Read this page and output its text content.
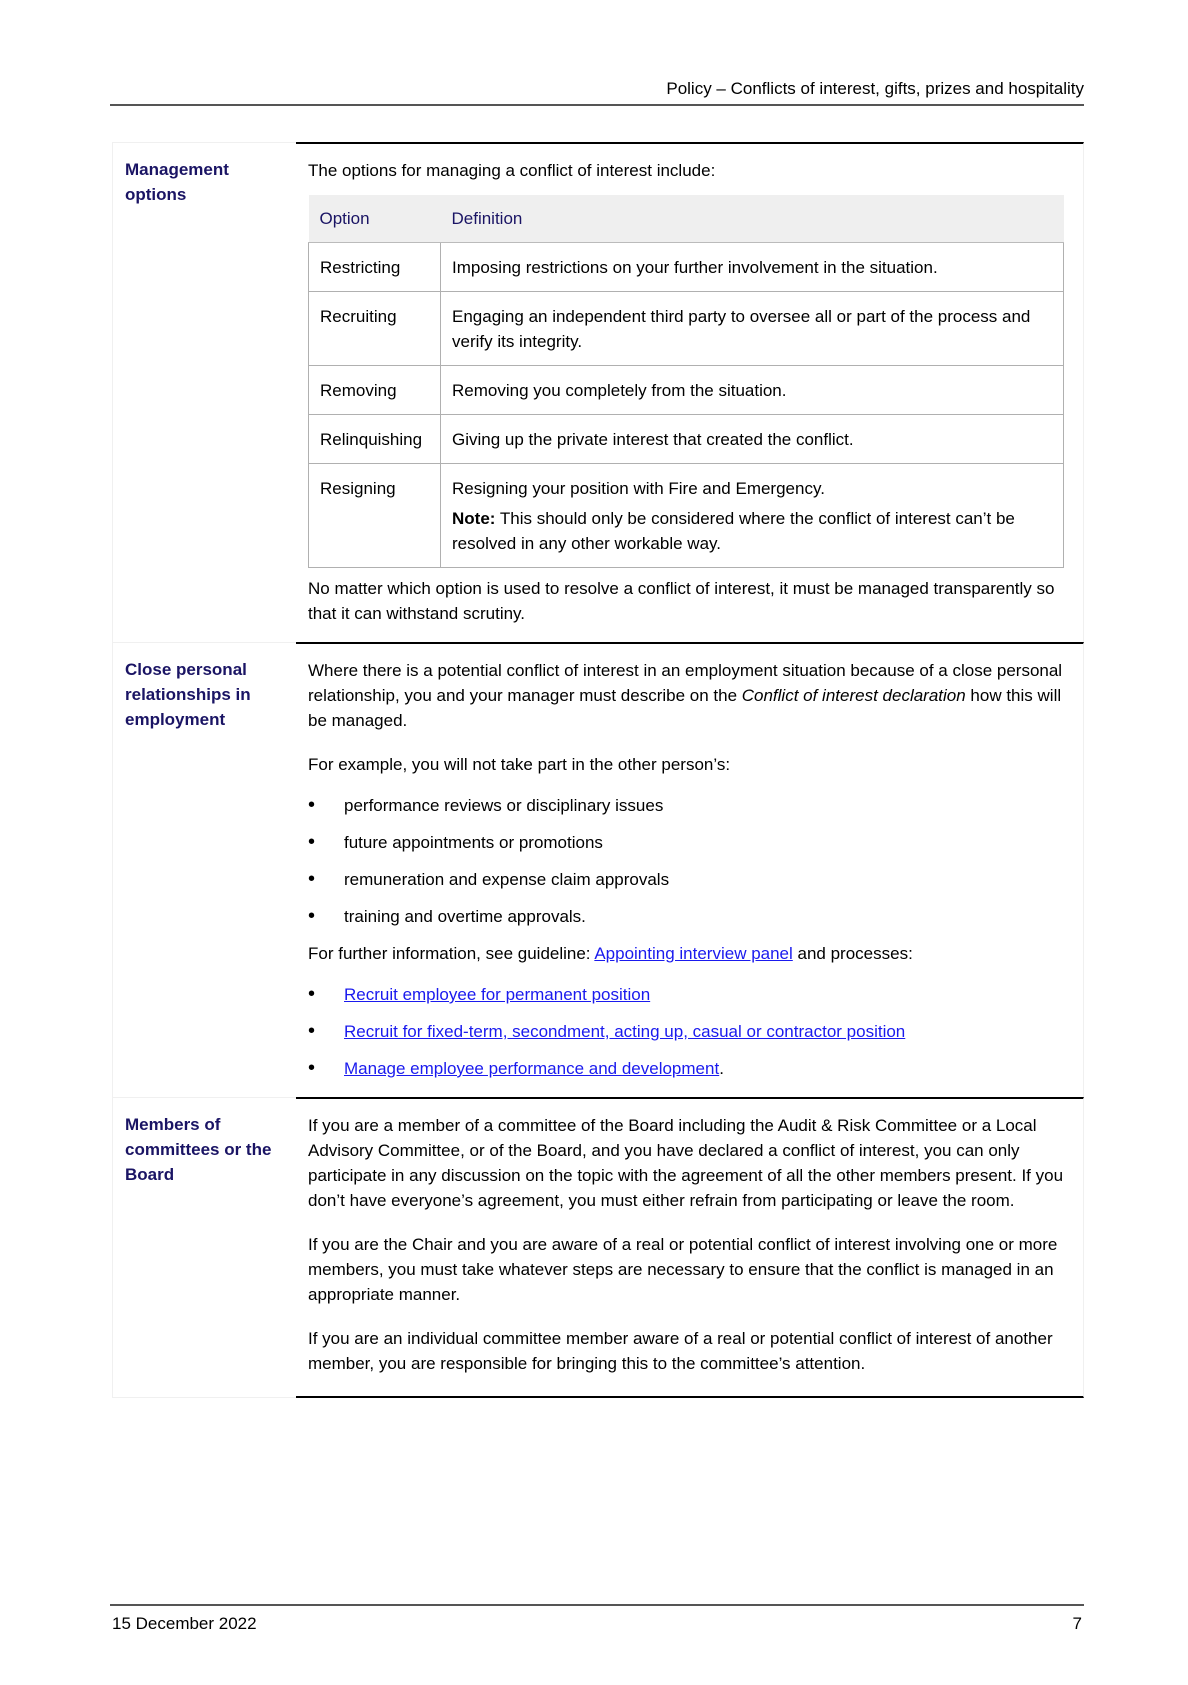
Policy – Conflicts of interest, gifts, prizes and hospitality
Management options

The options for managing a conflict of interest include:

Option	Definition
Restricting	Imposing restrictions on your further involvement in the situation.
Recruiting	Engaging an independent third party to oversee all or part of the process and verify its integrity.
Removing	Removing you completely from the situation.
Relinquishing	Giving up the private interest that created the conflict.
Resigning	Resigning your position with Fire and Emergency.
Note: This should only be considered where the conflict of interest can’t be resolved in any other workable way.

No matter which option is used to resolve a conflict of interest, it must be managed transparently so that it can withstand scrutiny.

Close personal relationships in employment

Where there is a potential conflict of interest in an employment situation because of a close personal relationship, you and your manager must describe on the Conflict of interest declaration how this will be managed.

For example, you will not take part in the other person’s:

• performance reviews or disciplinary issues
• future appointments or promotions
• remuneration and expense claim approvals
• training and overtime approvals.

For further information, see guideline: Appointing interview panel and processes:

• Recruit employee for permanent position
• Recruit for fixed-term, secondment, acting up, casual or contractor position
• Manage employee performance and development.
Members of committees or the Board

If you are a member of a committee of the Board including the Audit & Risk Committee or a Local Advisory Committee, or of the Board, and you have declared a conflict of interest, you can only participate in any discussion on the topic with the agreement of all the other members present. If you don’t have everyone’s agreement, you must either refrain from participating or leave the room.

If you are the Chair and you are aware of a real or potential conflict of interest involving one or more members, you must take whatever steps are necessary to ensure that the conflict is managed in an appropriate manner.

If you are an individual committee member aware of a real or potential conflict of interest of another member, you are responsible for bringing this to the committee’s attention.

15 December 2022	7
